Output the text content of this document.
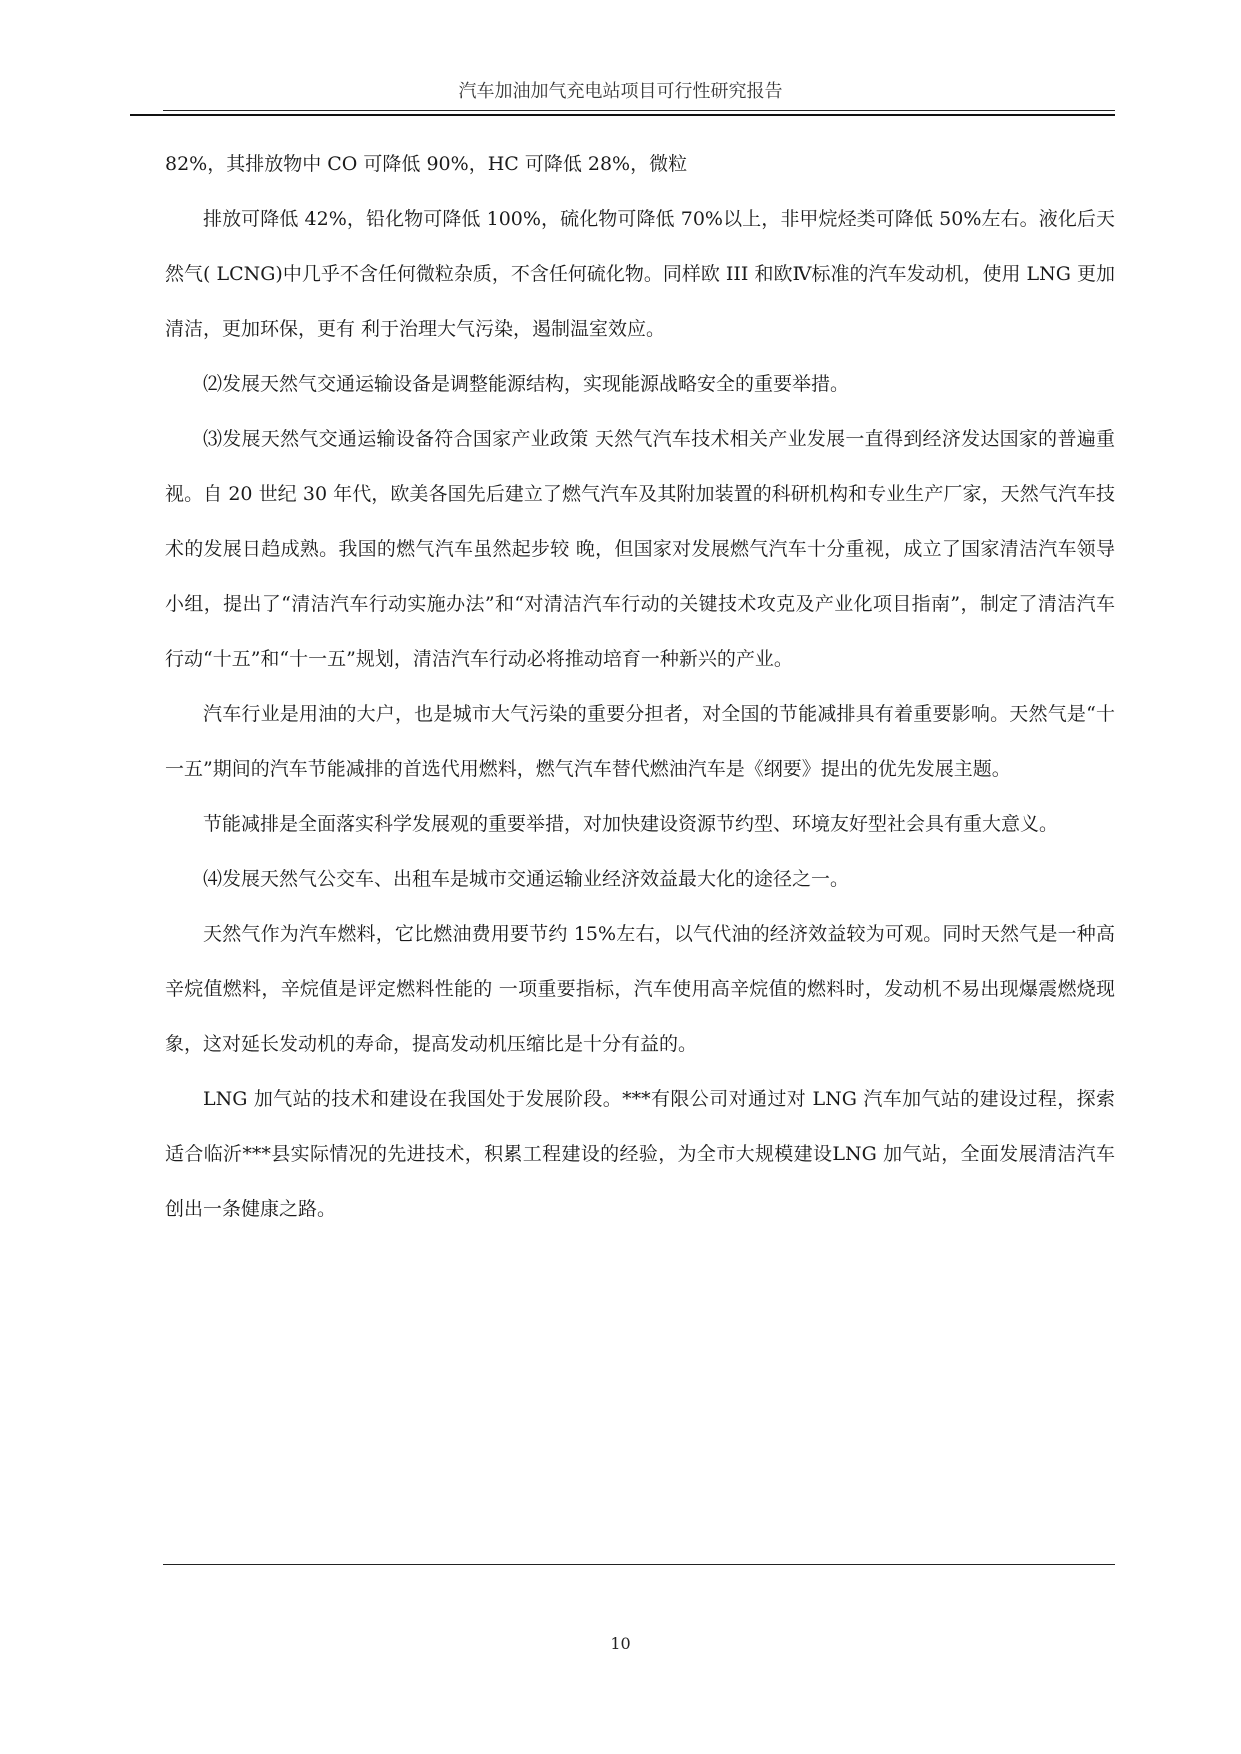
汽车加油加气充电站项目可行性研究报告

82%，其排放物中 CO 可降低 90%，HC 可降低 28%，微粒

排放可降低 42%，铅化物可降低 100%，硫化物可降低 70%以上，非甲烷烃类可降低 50%左右。液化后天然气( LCNG)中几乎不含任何微粒杂质，不含任何硫化物。同样欧 III 和欧Ⅳ标准的汽车发动机，使用 LNG 更加清洁，更加环保，更有 利于治理大气污染，遏制温室效应。

⑵发展天然气交通运输设备是调整能源结构，实现能源战略安全的重要举措。

⑶发展天然气交通运输设备符合国家产业政策 天然气汽车技术相关产业发展一直得到经济发达国家的普遍重视。自 20 世纪 30 年代，欧美各国先后建立了燃气汽车及其附加装置的科研机构和专业生产厂家，天然气汽车技术的发展日趋成熟。我国的燃气汽车虽然起步较 晚，但国家对发展燃气汽车十分重视，成立了国家清洁汽车领导小组，提出了“清洁汽车行动实施办法”和“对清洁汽车行动的关键技术攻克及产业化项目指南”，制定了清洁汽车行动“十五”和“十一五”规划，清洁汽车行动必将推动培育一种新兴的产业。

汽车行业是用油的大户，也是城市大气污染的重要分担者，对全国的节能减排具有着重要影响。天然气是“十一五”期间的汽车节能减排的首选代用燃料，燃气汽车替代燃油汽车是《纲要》提出的优先发展主题。

节能减排是全面落实科学发展观的重要举措，对加快建设资源节约型、环境友好型社会具有重大意义。

⑷发展天然气公交车、出租车是城市交通运输业经济效益最大化的途径之一。

天然气作为汽车燃料，它比燃油费用要节约 15%左右，以气代油的经济效益较为可观。同时天然气是一种高辛烷值燃料，辛烷值是评定燃料性能的 一项重要指标，汽车使用高辛烷值的燃料时，发动机不易出现爆震燃烧现象，这对延长发动机的寿命，提高发动机压缩比是十分有益的。

LNG 加气站的技术和建设在我国处于发展阶段。***有限公司对通过对 LNG 汽车加气站的建设过程，探索适合临沂***县实际情况的先进技术，积累工程建设的经验，为全市大规模建设LNG 加气站，全面发展清洁汽车创出一条健康之路。

10
